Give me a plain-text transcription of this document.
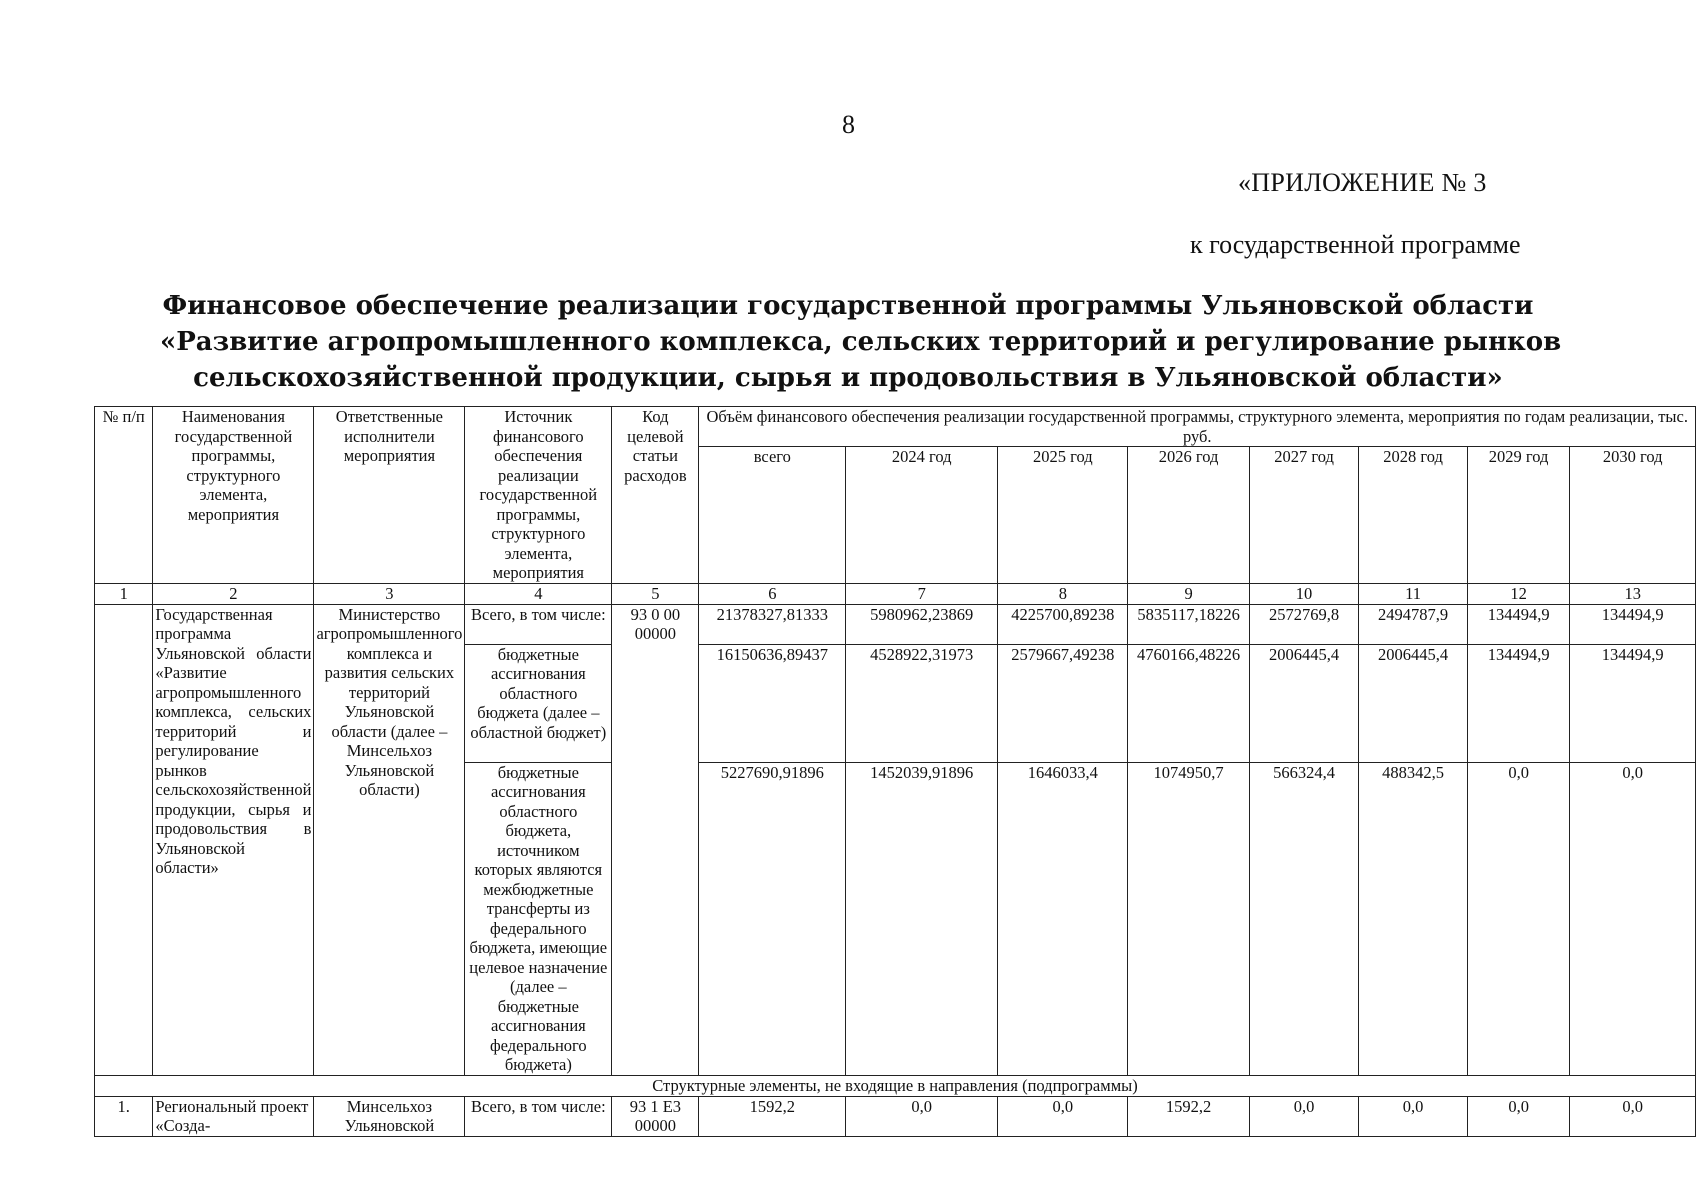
8
«ПРИЛОЖЕНИЕ № 3
к государственной программе
Финансовое обеспечение реализации государственной программы Ульяновской области
«Развитие агропромышленного комплекса, сельских территорий и регулирование рынков
сельскохозяйственной продукции, сырья и продовольствия в Ульяновской области»
№ п/п	Наименования государственной программы, структурного элемента, мероприятия	Ответственные исполнители мероприятия	Источник финансового обеспечения реализации государственной программы, структурного элемента, мероприятия	Код целевой статьи расходов	Объём финансового обеспечения реализации государственной программы, структурного элемента, мероприятия по годам реализации, тыс. руб.							
					всего	2024 год	2025 год	2026 год	2027 год	2028 год	2029 год	2030 год
1	2	3	4	5	6	7	8	9	10	11	12	13
	Государственная программа Ульяновской области «Развитие агропромышленного комплекса, сельских территорий и регулирование рынков сельскохозяйственной продукции, сырья и продовольствия в Ульяновской области»	Министерство агропромышленного комплекса и развития сельских территорий Ульяновской области (далее – Минсельхоз Ульяновской области)	Всего, в том числе:	93 0 00 00000	21378327,81333	5980962,23869	4225700,89238	5835117,18226	2572769,8	2494787,9	134494,9	134494,9
			бюджетные ассигнования областного бюджета (далее – областной бюджет)		16150636,89437	4528922,31973	2579667,49238	4760166,48226	2006445,4	2006445,4	134494,9	134494,9
			бюджетные ассигнования областного бюджета, источником которых являются межбюджетные трансферты из федерального бюджета, имеющие целевое назначение (далее – бюджетные ассигнования федерального бюджета)		5227690,91896	1452039,91896	1646033,4	1074950,7	566324,4	488342,5	0,0	0,0
Структурные элементы, не входящие в направления (подпрограммы)												
1.	Региональный проект «Созда-	Минсельхоз Ульяновской	Всего, в том числе:	93 1 Е3 00000	1592,2	0,0	0,0	1592,2	0,0	0,0	0,0	0,0
